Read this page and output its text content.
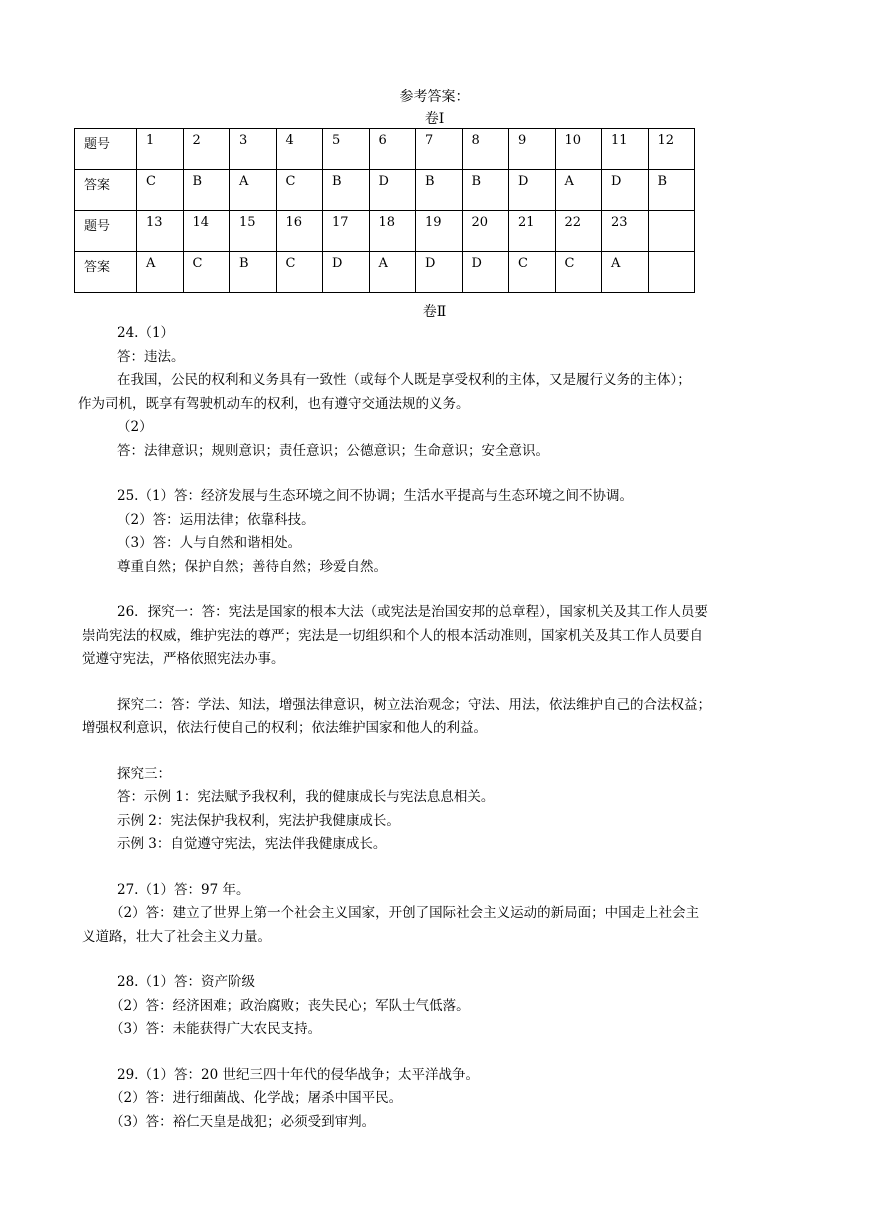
参考答案：
卷Ⅰ
题号	1	2	3	4	5	6	7	8	9	10	11	12
答案	C	B	A	C	B	D	B	B	D	A	D	B
题号	13	14	15	16	17	18	19	20	21	22	23	
答案	A	C	B	C	D	A	D	D	C	C	A	
卷Ⅱ
24.（1）
答：违法。
在我国，公民的权利和义务具有一致性（或每个人既是享受权利的主体，又是履行义务的主体）；
作为司机，既享有驾驶机动车的权利，也有遵守交通法规的义务。
（2）
答：法律意识；规则意识；责任意识；公德意识；生命意识；安全意识。
25.（1）答：经济发展与生态环境之间不协调；生活水平提高与生态环境之间不协调。
（2）答：运用法律；依靠科技。
（3）答：人与自然和谐相处。
尊重自然；保护自然；善待自然；珍爱自然。
26．探究一：答：宪法是国家的根本大法（或宪法是治国安邦的总章程），国家机关及其工作人员要
崇尚宪法的权威，维护宪法的尊严；宪法是一切组织和个人的根本活动准则，国家机关及其工作人员要自
觉遵守宪法，严格依照宪法办事。
探究二：答：学法、知法，增强法律意识，树立法治观念；守法、用法，依法维护自己的合法权益；
增强权利意识，依法行使自己的权利；依法维护国家和他人的利益。
探究三：
答：示例 1：宪法赋予我权利，我的健康成长与宪法息息相关。
示例 2：宪法保护我权利，宪法护我健康成长。
示例 3：自觉遵守宪法，宪法伴我健康成长。
27.（1）答：97 年。
（2）答：建立了世界上第一个社会主义国家，开创了国际社会主义运动的新局面；中国走上社会主
义道路，壮大了社会主义力量。
28.（1）答：资产阶级
（2）答：经济困难；政治腐败；丧失民心；军队士气低落。
（3）答：未能获得广大农民支持。
29.（1）答：20 世纪三四十年代的侵华战争；太平洋战争。
（2）答：进行细菌战、化学战；屠杀中国平民。
（3）答：裕仁天皇是战犯；必须受到审判。
